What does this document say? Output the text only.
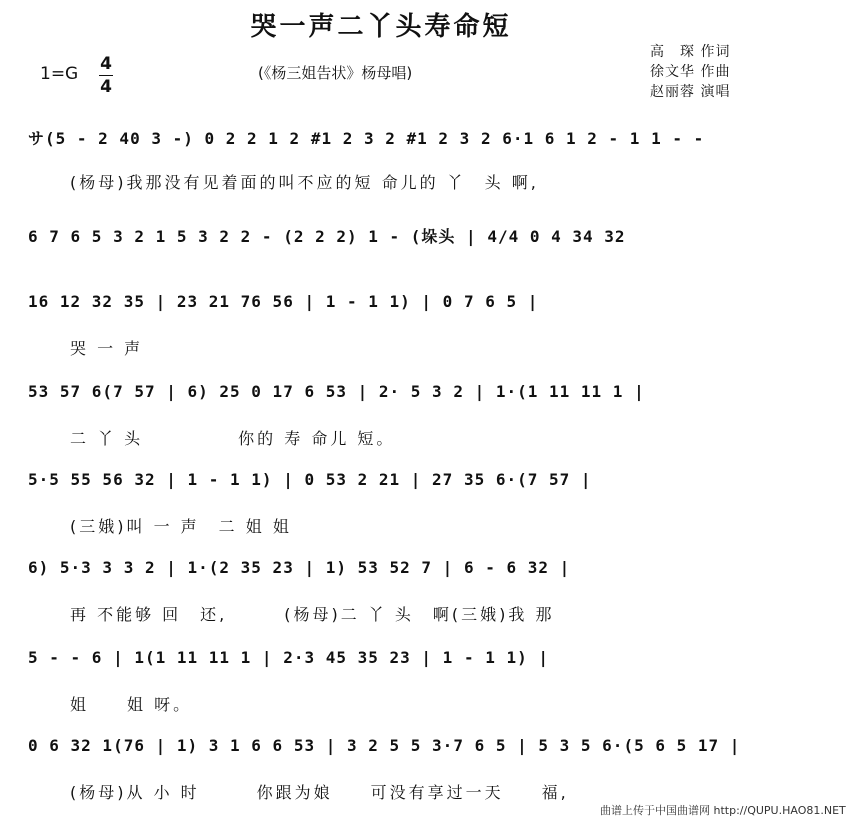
哭一声二丫头寿命短
(《杨三姐告状》杨母唱)
1=G 4
4
高　琛 作词
徐文华 作曲
赵丽蓉 演唱
サ(5 - 2 40 3 -) 0 2 2 1 2 #1 2 3 2 #1 2 3 2 6·1 6 1 2 - 1 1 - -
(杨母)我那没有见着面的叫不应的短 命儿的 丫　头 啊,
6 7 6 5 3 2 1 5 3 2 2 - (2 2 2) 1 - (垛头 | 4/4 0 4 34 32
16 12 32 35 | 23 21 76 56 | 1 - 1 1) | 0 7 6 5 |
哭 一 声
53 57 6(7 57 | 6) 25 0 17 6 53 | 2· 5 3 2 | 1·(1 11 11 1 |
二 丫 头　　　　　你的 寿 命儿 短。
5·5 55 56 32 | 1 - 1 1) | 0 53 2 21 | 27 35 6·(7 57 |
(三娥)叫 一 声　二 姐 姐
6) 5·3 3 3 2 | 1·(2 35 23 | 1) 53 52 7 | 6 - 6 32 |
再 不能够 回　还,　　　(杨母)二 丫 头　啊(三娥)我 那
5 - - 6 | 1(1 11 11 1 | 2·3 45 35 23 | 1 - 1 1) |
姐　　姐 呀。
0 6 32 1(76 | 1) 3 1 6 6 53 | 3 2 5 5 3·7 6 5 | 5 3 5 6·(5 6 5 17 |
(杨母)从 小 时　　　你跟为娘　　可没有享过一天　　福,
曲谱上传于中国曲谱网 http://QUPU.HAO81.NET
